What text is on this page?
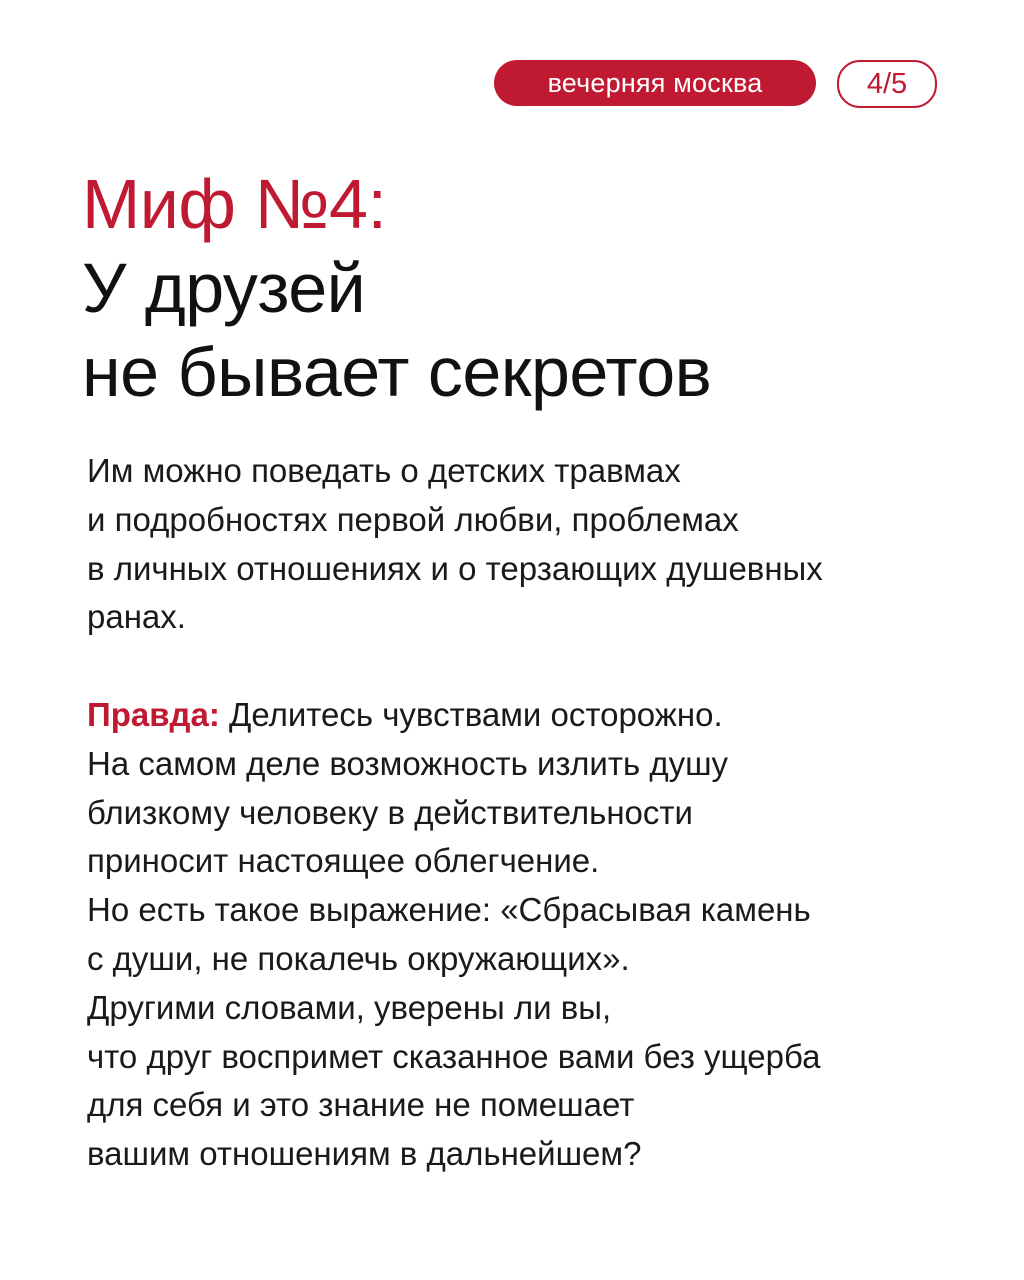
вечерняя москва	4/5
Миф №4:
У друзей
не бывает секретов

Им можно поведать о детских травмах
и подробностях первой любви, проблемах
в личных отношениях и о терзающих душевных
ранах.

Правда: Делитесь чувствами осторожно.
На самом деле возможность излить душу
близкому человеку в действительности
приносит настоящее облегчение.
Но есть такое выражение: «Сбрасывая камень
с души, не покалечь окружающих».
Другими словами, уверены ли вы,
что друг воспримет сказанное вами без ущерба
для себя и это знание не помешает
вашим отношениям в дальнейшем?
